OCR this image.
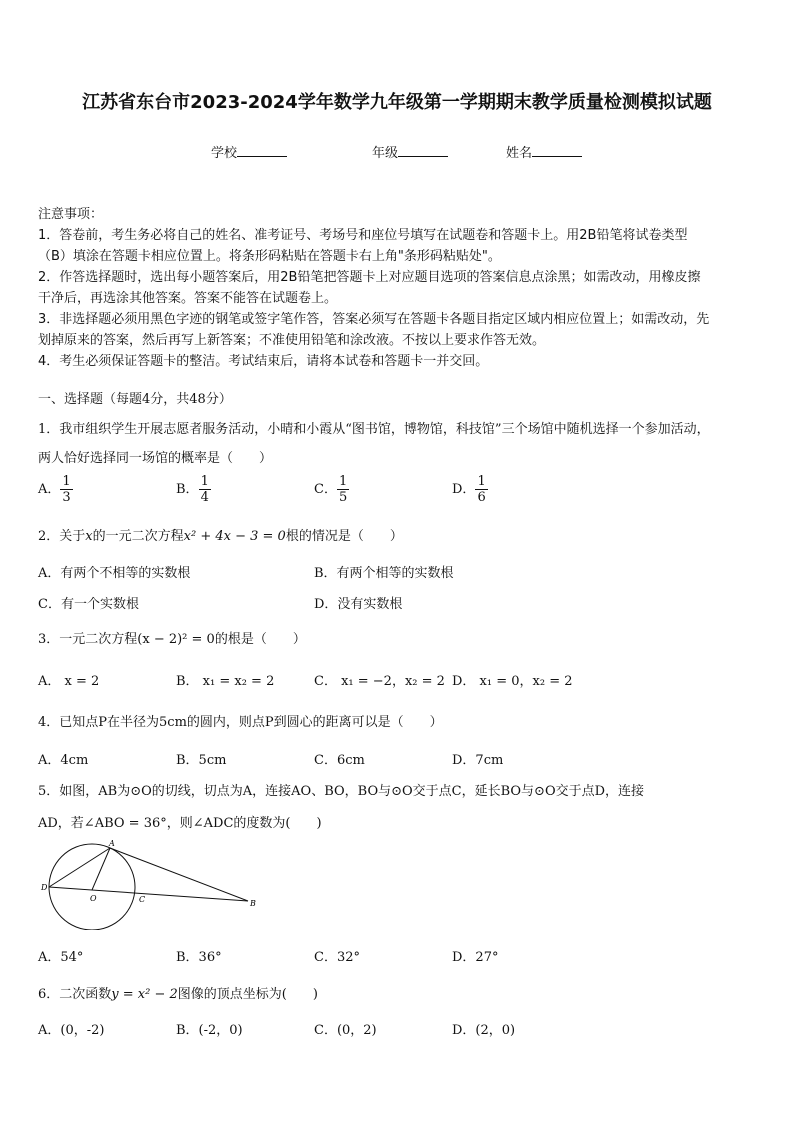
江苏省东台市2023-2024学年数学九年级第一学期期末教学质量检测模拟试题
学校	年级	姓名
注意事项：
1．答卷前，考生务必将自己的姓名、准考证号、考场号和座位号填写在试题卷和答题卡上。用2B铅笔将试卷类型
（B）填涂在答题卡相应位置上。将条形码粘贴在答题卡右上角"条形码粘贴处"。
2．作答选择题时，选出每小题答案后，用2B铅笔把答题卡上对应题目选项的答案信息点涂黑；如需改动，用橡皮擦
干净后，再选涂其他答案。答案不能答在试题卷上。
3．非选择题必须用黑色字迹的钢笔或签字笔作答，答案必须写在答题卡各题目指定区域内相应位置上；如需改动，先
划掉原来的答案，然后再写上新答案；不准使用铅笔和涂改液。不按以上要求作答无效。
4．考生必须保证答题卡的整洁。考试结束后，请将本试卷和答题卡一并交回。
一、选择题（每题4分，共48分）
1．我市组织学生开展志愿者服务活动，小晴和小霞从“图书馆，博物馆，科技馆”三个场馆中随机选择一个参加活动，
两人恰好选择同一场馆的概率是（　　）
A． $\frac{1}{3}$	B． $\frac{1}{4}$	C． $\frac{1}{5}$	D． $\frac{1}{6}$
2．关于x的一元二次方程x² + 4x − 3 = 0根的情况是（　　）
A．有两个不相等的实数根	B．有两个相等的实数根
C．有一个实数根	D．没有实数根
3．一元二次方程(x − 2)² = 0的根是（　　）
A． x = 2	B． x₁ = x₂ = 2	C． x₁ = −2，x₂ = 2 D． x₁ = 0，x₂ = 2
4．已知点P在半径为5cm的圆内，则点P到圆心的距离可以是（　　）
A．4cm	B．5cm	C．6cm	D．7cm
5．如图，AB为⊙O的切线，切点为A，连接AO、BO，BO与⊙O交于点C，延长BO与⊙O交于点D，连接
AD，若∠ABO = 36°，则∠ADC的度数为(　　)
A
B
C
D
O
A．54°	B．36°	C．32°	D．27°
6．二次函数y = x² − 2图像的顶点坐标为(　　)
A．(0，-2)	B．(-2，0)	C．(0，2)	D．(2，0)
